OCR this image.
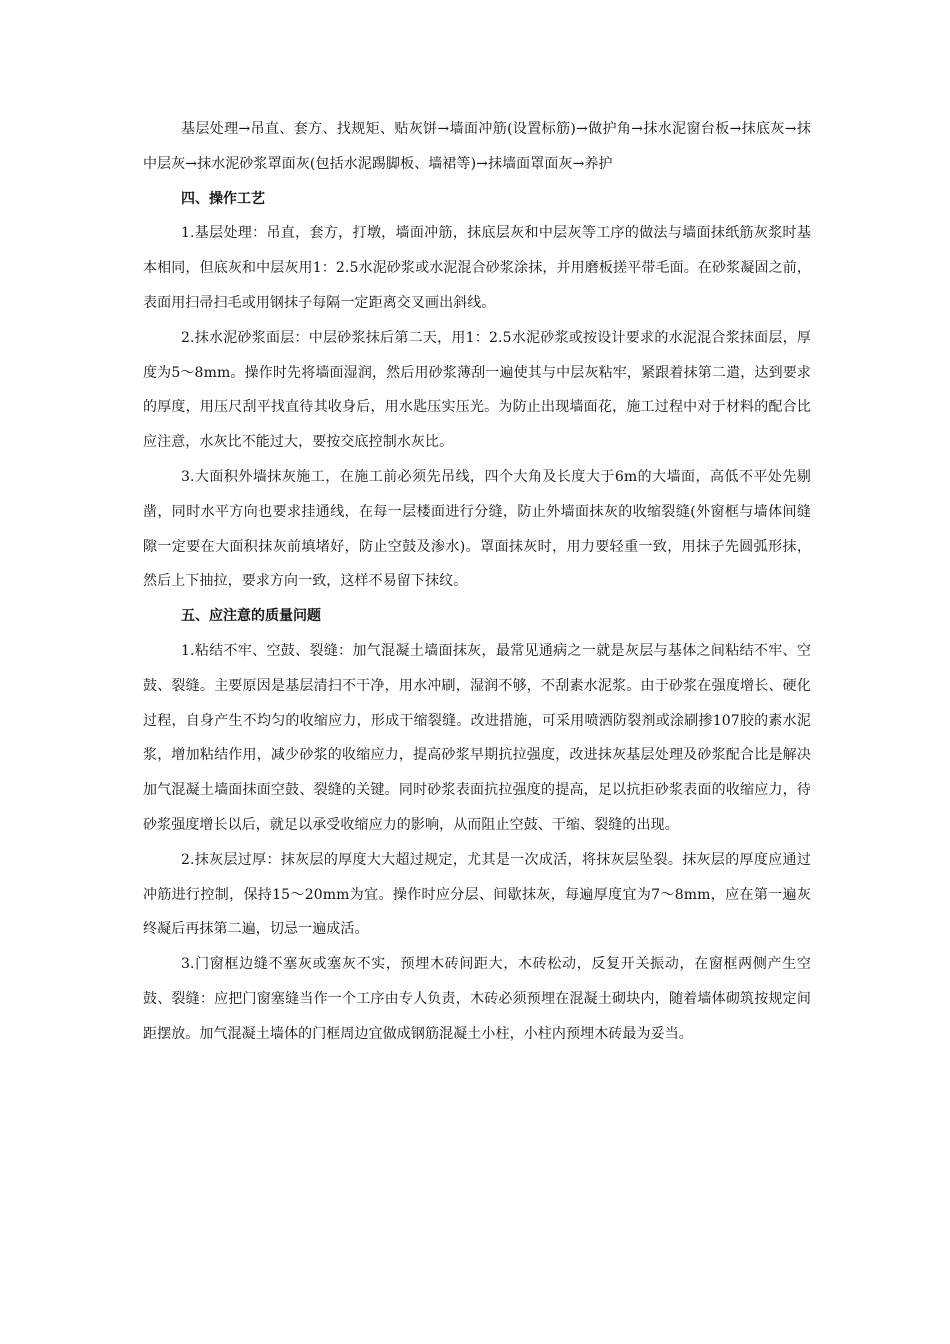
基层处理→吊直、套方、找规矩、贴灰饼→墙面冲筋(设置标筋)→做护角→抹水泥窗台板→抹底灰→抹中层灰→抹水泥砂浆罩面灰(包括水泥踢脚板、墙裙等)→抹墙面罩面灰→养护

四、操作工艺

1.基层处理：吊直，套方，打墩，墙面冲筋，抹底层灰和中层灰等工序的做法与墙面抹纸筋灰浆时基本相同，但底灰和中层灰用1：2.5水泥砂浆或水泥混合砂浆涂抹，并用磨板搓平带毛面。在砂浆凝固之前，表面用扫帚扫毛或用钢抹子每隔一定距离交叉画出斜线。

2.抹水泥砂浆面层：中层砂浆抹后第二天，用1：2.5水泥砂浆或按设计要求的水泥混合浆抹面层，厚度为5～8mm。操作时先将墙面湿润，然后用砂浆薄刮一遍使其与中层灰粘牢，紧跟着抹第二遣，达到要求的厚度，用压尺刮平找直待其收身后，用水匙压实压光。为防止出现墙面花，施工过程中对于材料的配合比应注意，水灰比不能过大，要按交底控制水灰比。

3.大面积外墙抹灰施工，在施工前必须先吊线，四个大角及长度大于6m的大墙面，高低不平处先剔凿，同时水平方向也要求挂通线，在每一层楼面进行分缝，防止外墙面抹灰的收缩裂缝(外窗框与墙体间缝隙一定要在大面积抹灰前填堵好，防止空鼓及渗水)。罩面抹灰时，用力要轻重一致，用抹子先圆弧形抹，然后上下抽拉，要求方向一致，这样不易留下抹纹。

五、应注意的质量问题

1.粘结不牢、空鼓、裂缝：加气混凝土墙面抹灰，最常见通病之一就是灰层与基体之间粘结不牢、空鼓、裂缝。主要原因是基层清扫不干净，用水冲刷，湿润不够，不刮素水泥浆。由于砂浆在强度增长、硬化过程，自身产生不均匀的收缩应力，形成干缩裂缝。改进措施，可采用喷洒防裂剂或涂刷掺107胶的素水泥浆，增加粘结作用，减少砂浆的收缩应力，提高砂浆早期抗拉强度，改进抹灰基层处理及砂浆配合比是解决加气混凝土墙面抹面空鼓、裂缝的关键。同时砂浆表面抗拉强度的提高，足以抗拒砂浆表面的收缩应力，待砂浆强度增长以后，就足以承受收缩应力的影响，从而阻止空鼓、干缩、裂缝的出现。

2.抹灰层过厚：抹灰层的厚度大大超过规定，尤其是一次成活，将抹灰层坠裂。抹灰层的厚度应通过冲筋进行控制，保持15～20mm为宜。操作时应分层、间歇抹灰，每遍厚度宜为7～8mm，应在第一遍灰终凝后再抹第二遍，切忌一遍成活。

3.门窗框边缝不塞灰或塞灰不实，预埋木砖间距大，木砖松动，反复开关振动，在窗框两侧产生空鼓、裂缝：应把门窗塞缝当作一个工序由专人负责，木砖必须预埋在混凝土砌块内，随着墙体砌筑按规定间距摆放。加气混凝土墙体的门框周边宜做成钢筋混凝土小柱，小柱内预埋木砖最为妥当。
